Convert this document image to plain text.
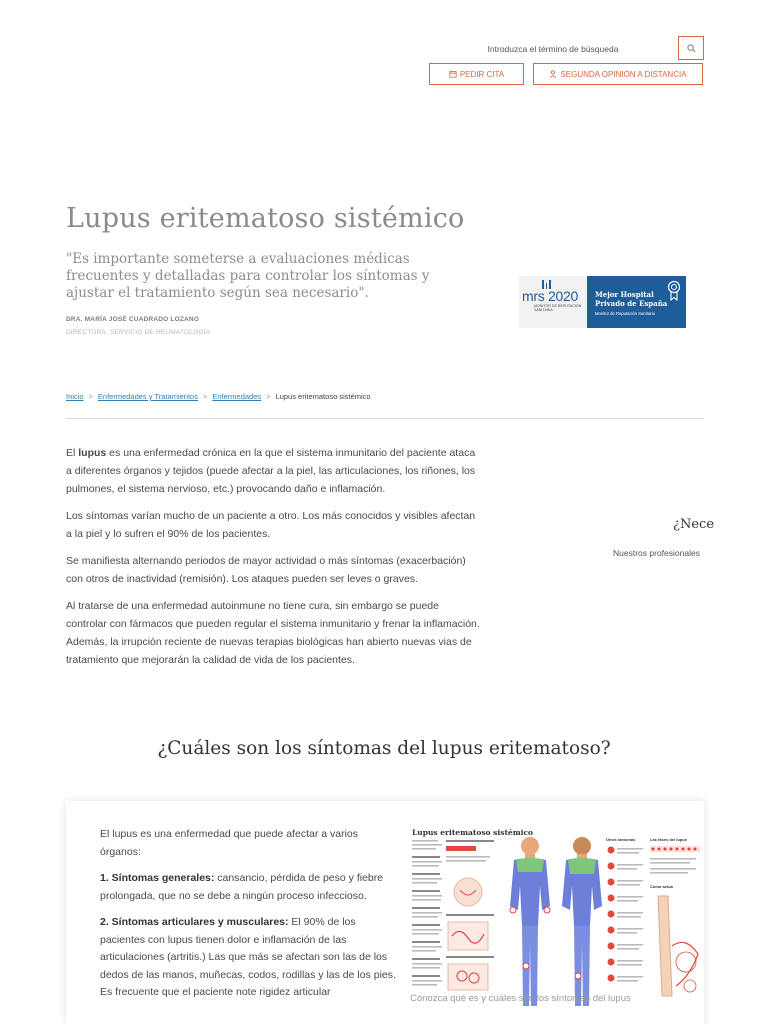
Introduzca el término de búsqueda
PEDIR CITA	SEGUNDA OPINIÓN A DISTANCIA
Lupus eritematoso sistémico

"Es importante someterse a evaluaciones médicas frecuentes y detalladas para controlar los síntomas y ajustar el tratamiento según sea necesario".

DRA. MARÍA JOSÉ CUADRADO LOZANO
DIRECTORA, SERVICIO DE REUMATOLOGÍA
mrs 2020
MONITOR DE REPUTACIÓN SANITARIA
Mejor Hospital
Privado de España
Monitor de Reputación Sanitaria
Inicio > Enfermedades y Tratamientos > Enfermedades > Lupus eritematoso sistémico

El lupus es una enfermedad crónica en la que el sistema inmunitario del paciente ataca a diferentes órganos y tejidos (puede afectar a la piel, las articulaciones, los riñones, los pulmones, el sistema nervioso, etc.) provocando daño e inflamación.

Los síntomas varían mucho de un paciente a otro. Los más conocidos y visibles afectan a la piel y lo sufren el 90% de los pacientes.

Se manifiesta alternando periodos de mayor actividad o más síntomas (exacerbación) con otros de inactividad (remisión). Los ataques pueden ser leves o graves.

Al tratarse de una enfermedad autoinmune no tiene cura, sin embargo se puede controlar con fármacos que pueden regular el sistema inmunitario y frenar la inflamación. Además, la irrupción reciente de nuevas terapias biológicas han abierto nuevas vias de tratamiento que mejorarán la calidad de vida de los pacientes.

¿Nece
Nuestros profesionales
¿Cuáles son los síntomas del lupus eritematoso?

El lupus es una enfermedad que puede afectar a varios órganos:

1. Síntomas generales: cansancio, pérdida de peso y fiebre prolongada, que no se debe a ningún proceso infeccioso.

2. Síntomas articulares y musculares: El 90% de los pacientes con lupus tienen dolor e inflamación de las articulaciones (artritis.) Las que más se afectan son las de los dedos de las manos, muñecas, codos, rodillas y las de los pies. Es frecuente que el paciente note rigidez articular

Lupus eritematoso sistémico
Otros síntomas	Las fases del lupus
Cómo actúa
Conozca qué es y cuáles son los síntomas del lupus
